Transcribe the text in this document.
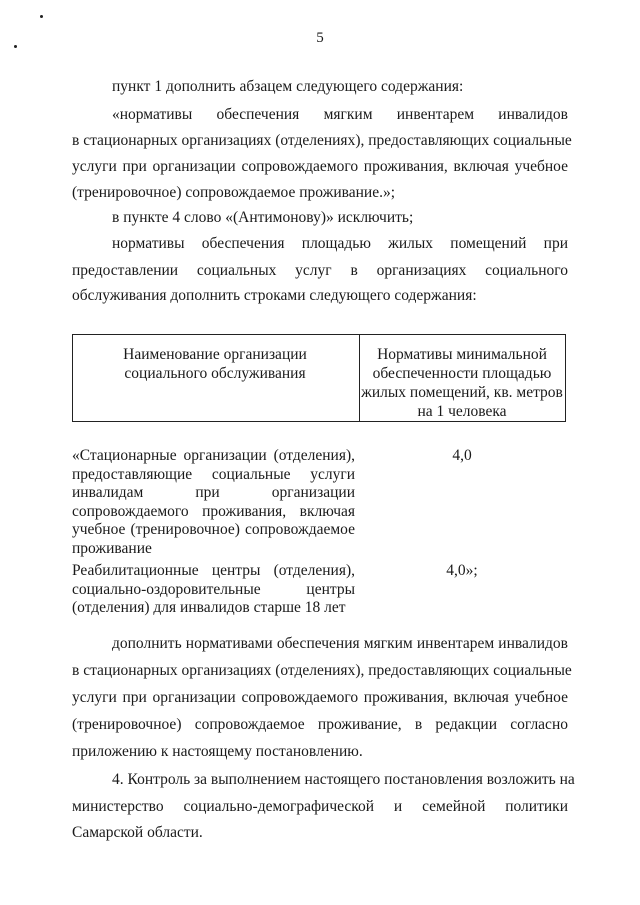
5
пункт 1 дополнить абзацем следующего содержания:
«нормативы обеспечения мягким инвентарем инвалидов
в стационарных организациях (отделениях), предоставляющих социальные
услуги при организации сопровождаемого проживания, включая учебное
(тренировочное) сопровождаемое проживание.»;
в пункте 4 слово «(Антимонову)» исключить;
нормативы обеспечения площадью жилых помещений при
предоставлении социальных услуг в организациях социального
обслуживания дополнить строками следующего содержания:
Наименование организации
социального обслуживания
Нормативы минимальной
обеспеченности площадью
жилых помещений, кв. метров
на 1 человека
«Стационарные организации (отделения),
предоставляющие социальные услуги
инвалидам при организации
сопровождаемого проживания, включая
учебное (тренировочное) сопровождаемое
проживание
4,0
Реабилитационные центры (отделения),
социально-оздоровительные центры
(отделения) для инвалидов старше 18 лет
4,0»;
дополнить нормативами обеспечения мягким инвентарем инвалидов
в стационарных организациях (отделениях), предоставляющих социальные
услуги при организации сопровождаемого проживания, включая учебное
(тренировочное) сопровождаемое проживание, в редакции согласно
приложению к настоящему постановлению.
4. Контроль за выполнением настоящего постановления возложить на
министерство социально-демографической и семейной политики
Самарской области.
